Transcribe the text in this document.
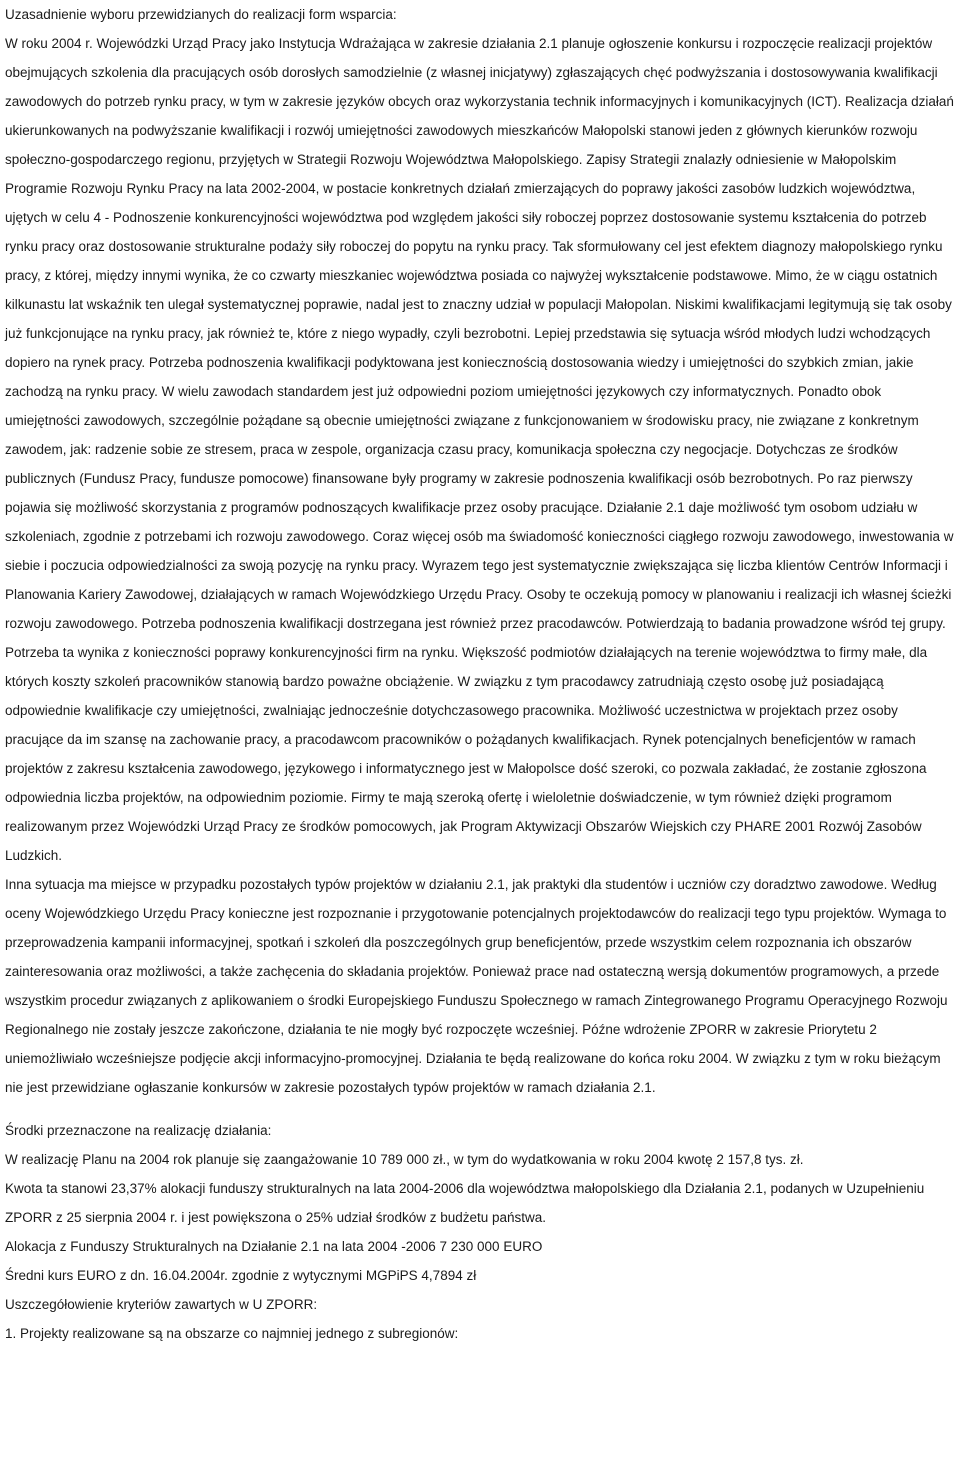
Uzasadnienie wyboru przewidzianych do realizacji form wsparcia:

W roku 2004 r. Wojewódzki Urząd Pracy jako Instytucja Wdrażająca w zakresie działania 2.1 planuje ogłoszenie konkursu i rozpoczęcie realizacji projektów obejmujących szkolenia dla pracujących osób dorosłych samodzielnie (z własnej inicjatywy) zgłaszających chęć podwyższania i dostosowywania kwalifikacji zawodowych do potrzeb rynku pracy, w tym w zakresie języków obcych oraz wykorzystania technik informacyjnych i komunikacyjnych (ICT). Realizacja działań ukierunkowanych na podwyższanie kwalifikacji i rozwój umiejętności zawodowych mieszkańców Małopolski stanowi jeden z głównych kierunków rozwoju społeczno-gospodarczego regionu, przyjętych w Strategii Rozwoju Województwa Małopolskiego. Zapisy Strategii znalazły odniesienie w Małopolskim Programie Rozwoju Rynku Pracy na lata 2002-2004, w postacie konkretnych działań zmierzających do poprawy jakości zasobów ludzkich województwa, ujętych w celu 4 - Podnoszenie konkurencyjności województwa pod względem jakości siły roboczej poprzez dostosowanie systemu kształcenia do potrzeb rynku pracy oraz dostosowanie strukturalne podaży siły roboczej do popytu na rynku pracy. Tak sformułowany cel jest efektem diagnozy małopolskiego rynku pracy, z której, między innymi wynika, że co czwarty mieszkaniec województwa posiada co najwyżej wykształcenie podstawowe. Mimo, że w ciągu ostatnich kilkunastu lat wskaźnik ten ulegał systematycznej poprawie, nadal jest to znaczny udział w populacji Małopolan. Niskimi kwalifikacjami legitymują się tak osoby już funkcjonujące na rynku pracy, jak również te, które z niego wypadły, czyli bezrobotni. Lepiej przedstawia się sytuacja wśród młodych ludzi wchodzących dopiero na rynek pracy. Potrzeba podnoszenia kwalifikacji podyktowana jest koniecznością dostosowania wiedzy i umiejętności do szybkich zmian, jakie zachodzą na rynku pracy. W wielu zawodach standardem jest już odpowiedni poziom umiejętności językowych czy informatycznych. Ponadto obok umiejętności zawodowych, szczególnie pożądane są obecnie umiejętności związane z funkcjonowaniem w środowisku pracy, nie związane z konkretnym zawodem, jak: radzenie sobie ze stresem, praca w zespole, organizacja czasu pracy, komunikacja społeczna czy negocjacje. Dotychczas ze środków publicznych (Fundusz Pracy, fundusze pomocowe) finansowane były programy w zakresie podnoszenia kwalifikacji osób bezrobotnych. Po raz pierwszy pojawia się możliwość skorzystania z programów podnoszących kwalifikacje przez osoby pracujące. Działanie 2.1 daje możliwość tym osobom udziału w szkoleniach, zgodnie z potrzebami ich rozwoju zawodowego. Coraz więcej osób ma świadomość konieczności ciągłego rozwoju zawodowego, inwestowania w siebie i poczucia odpowiedzialności za swoją pozycję na rynku pracy. Wyrazem tego jest systematycznie zwiększająca się liczba klientów Centrów Informacji i Planowania Kariery Zawodowej, działających w ramach Wojewódzkiego Urzędu Pracy. Osoby te oczekują pomocy w planowaniu i realizacji ich własnej ścieżki rozwoju zawodowego. Potrzeba podnoszenia kwalifikacji dostrzegana jest również przez pracodawców. Potwierdzają to badania prowadzone wśród tej grupy. Potrzeba ta wynika z konieczności poprawy konkurencyjności firm na rynku. Większość podmiotów działających na terenie województwa to firmy małe, dla których koszty szkoleń pracowników stanowią bardzo poważne obciążenie. W związku z tym pracodawcy zatrudniają często osobę już posiadającą odpowiednie kwalifikacje czy umiejętności, zwalniając jednocześnie dotychczasowego pracownika. Możliwość uczestnictwa w projektach przez osoby pracujące da im szansę na zachowanie pracy, a pracodawcom pracowników o pożądanych kwalifikacjach. Rynek potencjalnych beneficjentów w ramach projektów z zakresu kształcenia zawodowego, językowego i informatycznego jest w Małopolsce dość szeroki, co pozwala zakładać, że zostanie zgłoszona odpowiednia liczba projektów, na odpowiednim poziomie. Firmy te mają szeroką ofertę i wieloletnie doświadczenie, w tym również dzięki programom realizowanym przez Wojewódzki Urząd Pracy ze środków pomocowych, jak Program Aktywizacji Obszarów Wiejskich czy PHARE 2001 Rozwój Zasobów Ludzkich.

Inna sytuacja ma miejsce w przypadku pozostałych typów projektów w działaniu 2.1, jak praktyki dla studentów i uczniów czy doradztwo zawodowe. Według oceny Wojewódzkiego Urzędu Pracy konieczne jest rozpoznanie i przygotowanie potencjalnych projektodawców do realizacji tego typu projektów. Wymaga to przeprowadzenia kampanii informacyjnej, spotkań i szkoleń dla poszczególnych grup beneficjentów, przede wszystkim celem rozpoznania ich obszarów zainteresowania oraz możliwości, a także zachęcenia do składania projektów. Ponieważ prace nad ostateczną wersją dokumentów programowych, a przede wszystkim procedur związanych z aplikowaniem o środki Europejskiego Funduszu Społecznego w ramach Zintegrowanego Programu Operacyjnego Rozwoju Regionalnego nie zostały jeszcze zakończone, działania te nie mogły być rozpoczęte wcześniej. Późne wdrożenie ZPORR w zakresie Priorytetu 2 uniemożliwiało wcześniejsze podjęcie akcji informacyjno-promocyjnej. Działania te będą realizowane do końca roku 2004. W związku z tym w roku bieżącym nie jest przewidziane ogłaszanie konkursów w zakresie pozostałych typów projektów w ramach działania 2.1.

Środki przeznaczone na realizację działania:

W realizację Planu na 2004 rok planuje się zaangażowanie 10 789 000 zł., w tym do wydatkowania w roku 2004 kwotę 2 157,8 tys. zł.

Kwota ta stanowi 23,37% alokacji funduszy strukturalnych na lata 2004-2006 dla województwa małopolskiego dla Działania 2.1, podanych w Uzupełnieniu ZPORR z 25 sierpnia 2004 r. i jest powiększona o 25% udział środków z budżetu państwa.

Alokacja z Funduszy Strukturalnych na Działanie 2.1 na lata 2004 -2006 7 230 000 EURO

Średni kurs EURO z dn. 16.04.2004r. zgodnie z wytycznymi MGPiPS 4,7894 zł

Uszczegółowienie kryteriów zawartych w U ZPORR:

1. Projekty realizowane są na obszarze co najmniej jednego z subregionów:
